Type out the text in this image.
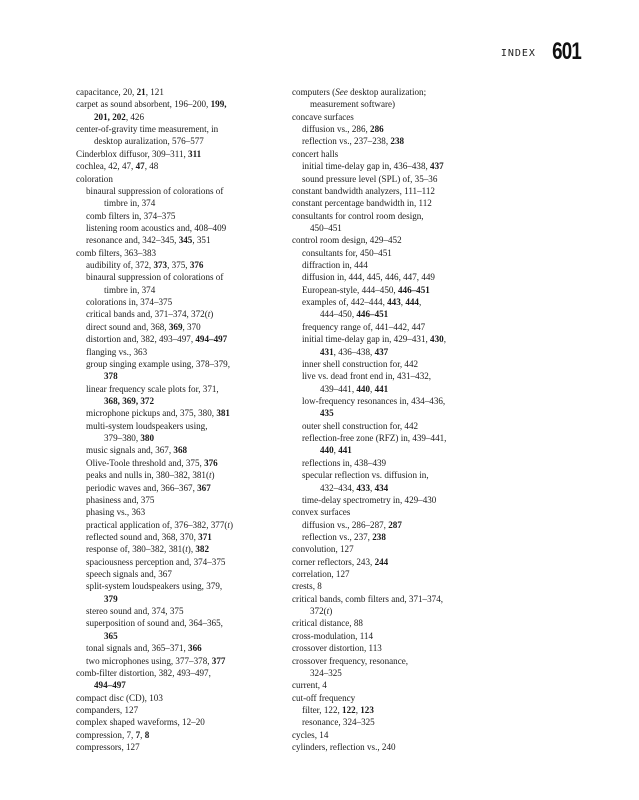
INDEX 601
capacitance, 20, 21, 121
carpet as sound absorbent, 196–200, 199,
201, 202, 426
center-of-gravity time measurement, in
desktop auralization, 576–577
Cinderblox diffusor, 309–311, 311
cochlea, 42, 47, 47, 48
coloration
binaural suppression of colorations of
timbre in, 374
comb filters in, 374–375
listening room acoustics and, 408–409
resonance and, 342–345, 345, 351
comb filters, 363–383
audibility of, 372, 373, 375, 376
binaural suppression of colorations of
timbre in, 374
colorations in, 374–375
critical bands and, 371–374, 372(t)
direct sound and, 368, 369, 370
distortion and, 382, 493–497, 494–497
flanging vs., 363
group singing example using, 378–379,
378
linear frequency scale plots for, 371,
368, 369, 372
microphone pickups and, 375, 380, 381
multi-system loudspeakers using,
379–380, 380
music signals and, 367, 368
Olive-Toole threshold and, 375, 376
peaks and nulls in, 380–382, 381(t)
periodic waves and, 366–367, 367
phasiness and, 375
phasing vs., 363
practical application of, 376–382, 377(t)
reflected sound and, 368, 370, 371
response of, 380–382, 381(t), 382
spaciousness perception and, 374–375
speech signals and, 367
split-system loudspeakers using, 379,
379
stereo sound and, 374, 375
superposition of sound and, 364–365,
365
tonal signals and, 365–371, 366
two microphones using, 377–378, 377
comb-filter distortion, 382, 493–497,
494–497
compact disc (CD), 103
companders, 127
complex shaped waveforms, 12–20
compression, 7, 7, 8
compressors, 127
computers (See desktop auralization;
measurement software)
concave surfaces
diffusion vs., 286, 286
reflection vs., 237–238, 238
concert halls
initial time-delay gap in, 436–438, 437
sound pressure level (SPL) of, 35–36
constant bandwidth analyzers, 111–112
constant percentage bandwidth in, 112
consultants for control room design,
450–451
control room design, 429–452
consultants for, 450–451
diffraction in, 444
diffusion in, 444, 445, 446, 447, 449
European-style, 444–450, 446–451
examples of, 442–444, 443, 444,
444–450, 446–451
frequency range of, 441–442, 447
initial time-delay gap in, 429–431, 430,
431, 436–438, 437
inner shell construction for, 442
live vs. dead front end in, 431–432,
439–441, 440, 441
low-frequency resonances in, 434–436,
435
outer shell construction for, 442
reflection-free zone (RFZ) in, 439–441,
440, 441
reflections in, 438–439
specular reflection vs. diffusion in,
432–434, 433, 434
time-delay spectrometry in, 429–430
convex surfaces
diffusion vs., 286–287, 287
reflection vs., 237, 238
convolution, 127
corner reflectors, 243, 244
correlation, 127
crests, 8
critical bands, comb filters and, 371–374,
372(t)
critical distance, 88
cross-modulation, 114
crossover distortion, 113
crossover frequency, resonance,
324–325
current, 4
cut-off frequency
filter, 122, 122, 123
resonance, 324–325
cycles, 14
cylinders, reflection vs., 240
